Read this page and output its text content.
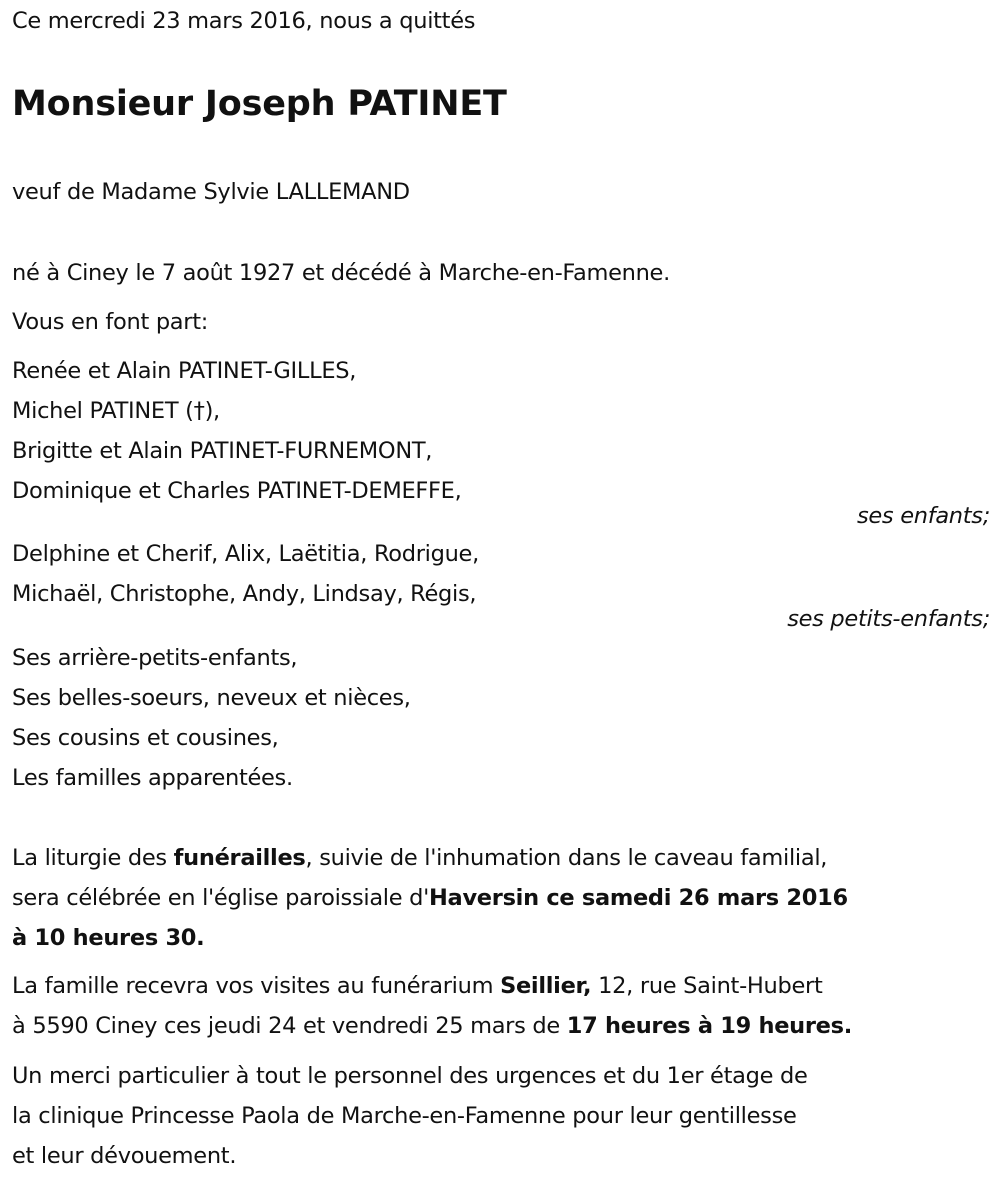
Ce mercredi 23 mars 2016, nous a quittés
Monsieur Joseph PATINET
veuf de Madame Sylvie LALLEMAND
né à Ciney le 7 août 1927 et décédé à Marche-en-Famenne.
Vous en font part:
Renée et Alain PATINET-GILLES,
Michel PATINET (†),
Brigitte et Alain PATINET-FURNEMONT,
Dominique et Charles PATINET-DEMEFFE,
ses enfants;
Delphine et Cherif, Alix, Laëtitia, Rodrigue,
Michaël, Christophe, Andy, Lindsay, Régis,
ses petits-enfants;
Ses arrière-petits-enfants,
Ses belles-soeurs, neveux et nièces,
Ses cousins et cousines,
Les familles apparentées.
La liturgie des funérailles, suivie de l'inhumation dans le caveau familial,
sera célébrée en l'église paroissiale d'Haversin ce samedi 26 mars 2016
à 10 heures 30.
La famille recevra vos visites au funérarium Seillier, 12, rue Saint-Hubert
à 5590 Ciney ces jeudi 24 et vendredi 25 mars de 17 heures à 19 heures.
Un merci particulier à tout le personnel des urgences et du 1er étage de
la clinique Princesse Paola de Marche-en-Famenne pour leur gentillesse
et leur dévouement.
